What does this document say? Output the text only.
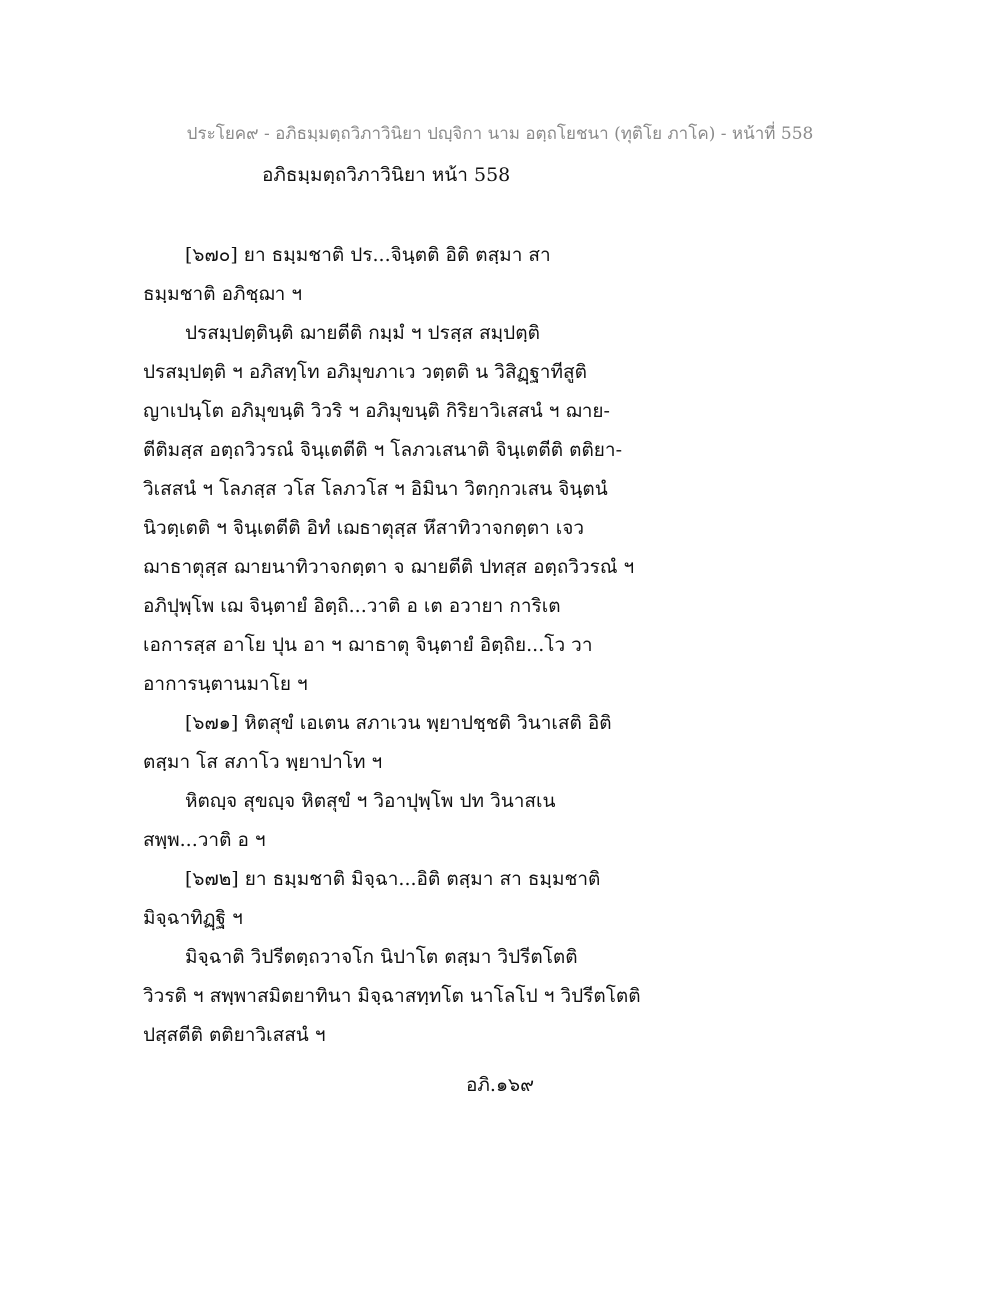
ประโยค๙ - อภิธมฺมตฺถวิภาวินิยา ปญฺจิกา นาม อตฺถโยชนา (ทุติโย ภาโค) - หน้าที่ 558
อภิธมฺมตฺถวิภาวินิยา หน้า 558
[๖๗๐] ยา ธมฺมชาติ ปร...จินฺตติ อิติ ตสฺมา สา
ธมฺมชาติ อภิชฺฌา ฯ
ปรสมฺปตฺตินฺติ ฌายตีติ กมฺมํ ฯ ปรสฺส สมฺปตฺติ
ปรสมฺปตฺติ ฯ อภิสทฺโท อภิมุขภาเว วตฺตติ น วิสิฏฺฐาทีสูติ
ญาเปนฺโต อภิมุขนฺติ วิวริ ฯ อภิมุขนฺติ กิริยาวิเสสนํ ฯ ฌาย-
ตีติมสฺส อตฺถวิวรณํ จินฺเตตีติ ฯ โลภวเสนาติ จินฺเตตีติ ตติยา-
วิเสสนํ ฯ โลภสฺส วโส โลภวโส ฯ อิมินา วิตกฺกวเสน จินฺตนํ
นิวตฺเตติ ฯ จินฺเตตีติ อิทํ เฌธาตุสฺส หึสาทิวาจกตฺตา เจว
ฌาธาตุสฺส ฌายนาทิวาจกตฺตา จ ฌายตีติ ปทสฺส อตฺถวิวรณํ ฯ
อภิปุพฺโพ เฌ จินฺตายํ อิตฺถิ...วาติ อ เต อวายา การิเต
เอการสฺส อาโย ปุน อา ฯ ฌาธาตุ จินฺตายํ อิตฺถิย...โว วา
อาการนฺตานมาโย ฯ
[๖๗๑] หิตสุขํ เอเตน สภาเวน พฺยาปชฺชติ วินาเสติ อิติ
ตสฺมา โส สภาโว พฺยาปาโท ฯ
หิตญฺจ สุขญฺจ หิตสุขํ ฯ วิอาปุพฺโพ ปท วินาสเน
สพฺพ...วาติ อ ฯ
[๖๗๒] ยา ธมฺมชาติ มิจฺฉา...อิติ ตสฺมา สา ธมฺมชาติ
มิจฺฉาทิฏฺฐิ ฯ
มิจฺฉาติ วิปรีตตฺถวาจโก นิปาโต ตสฺมา วิปรีตโตติ
วิวรติ ฯ สพฺพาสมิตยาทินา มิจฺฉาสทฺทโต นาโลโป ฯ วิปรีตโตติ
ปสฺสตีติ ตติยาวิเสสนํ ฯ
อภิ.๑๖๙
